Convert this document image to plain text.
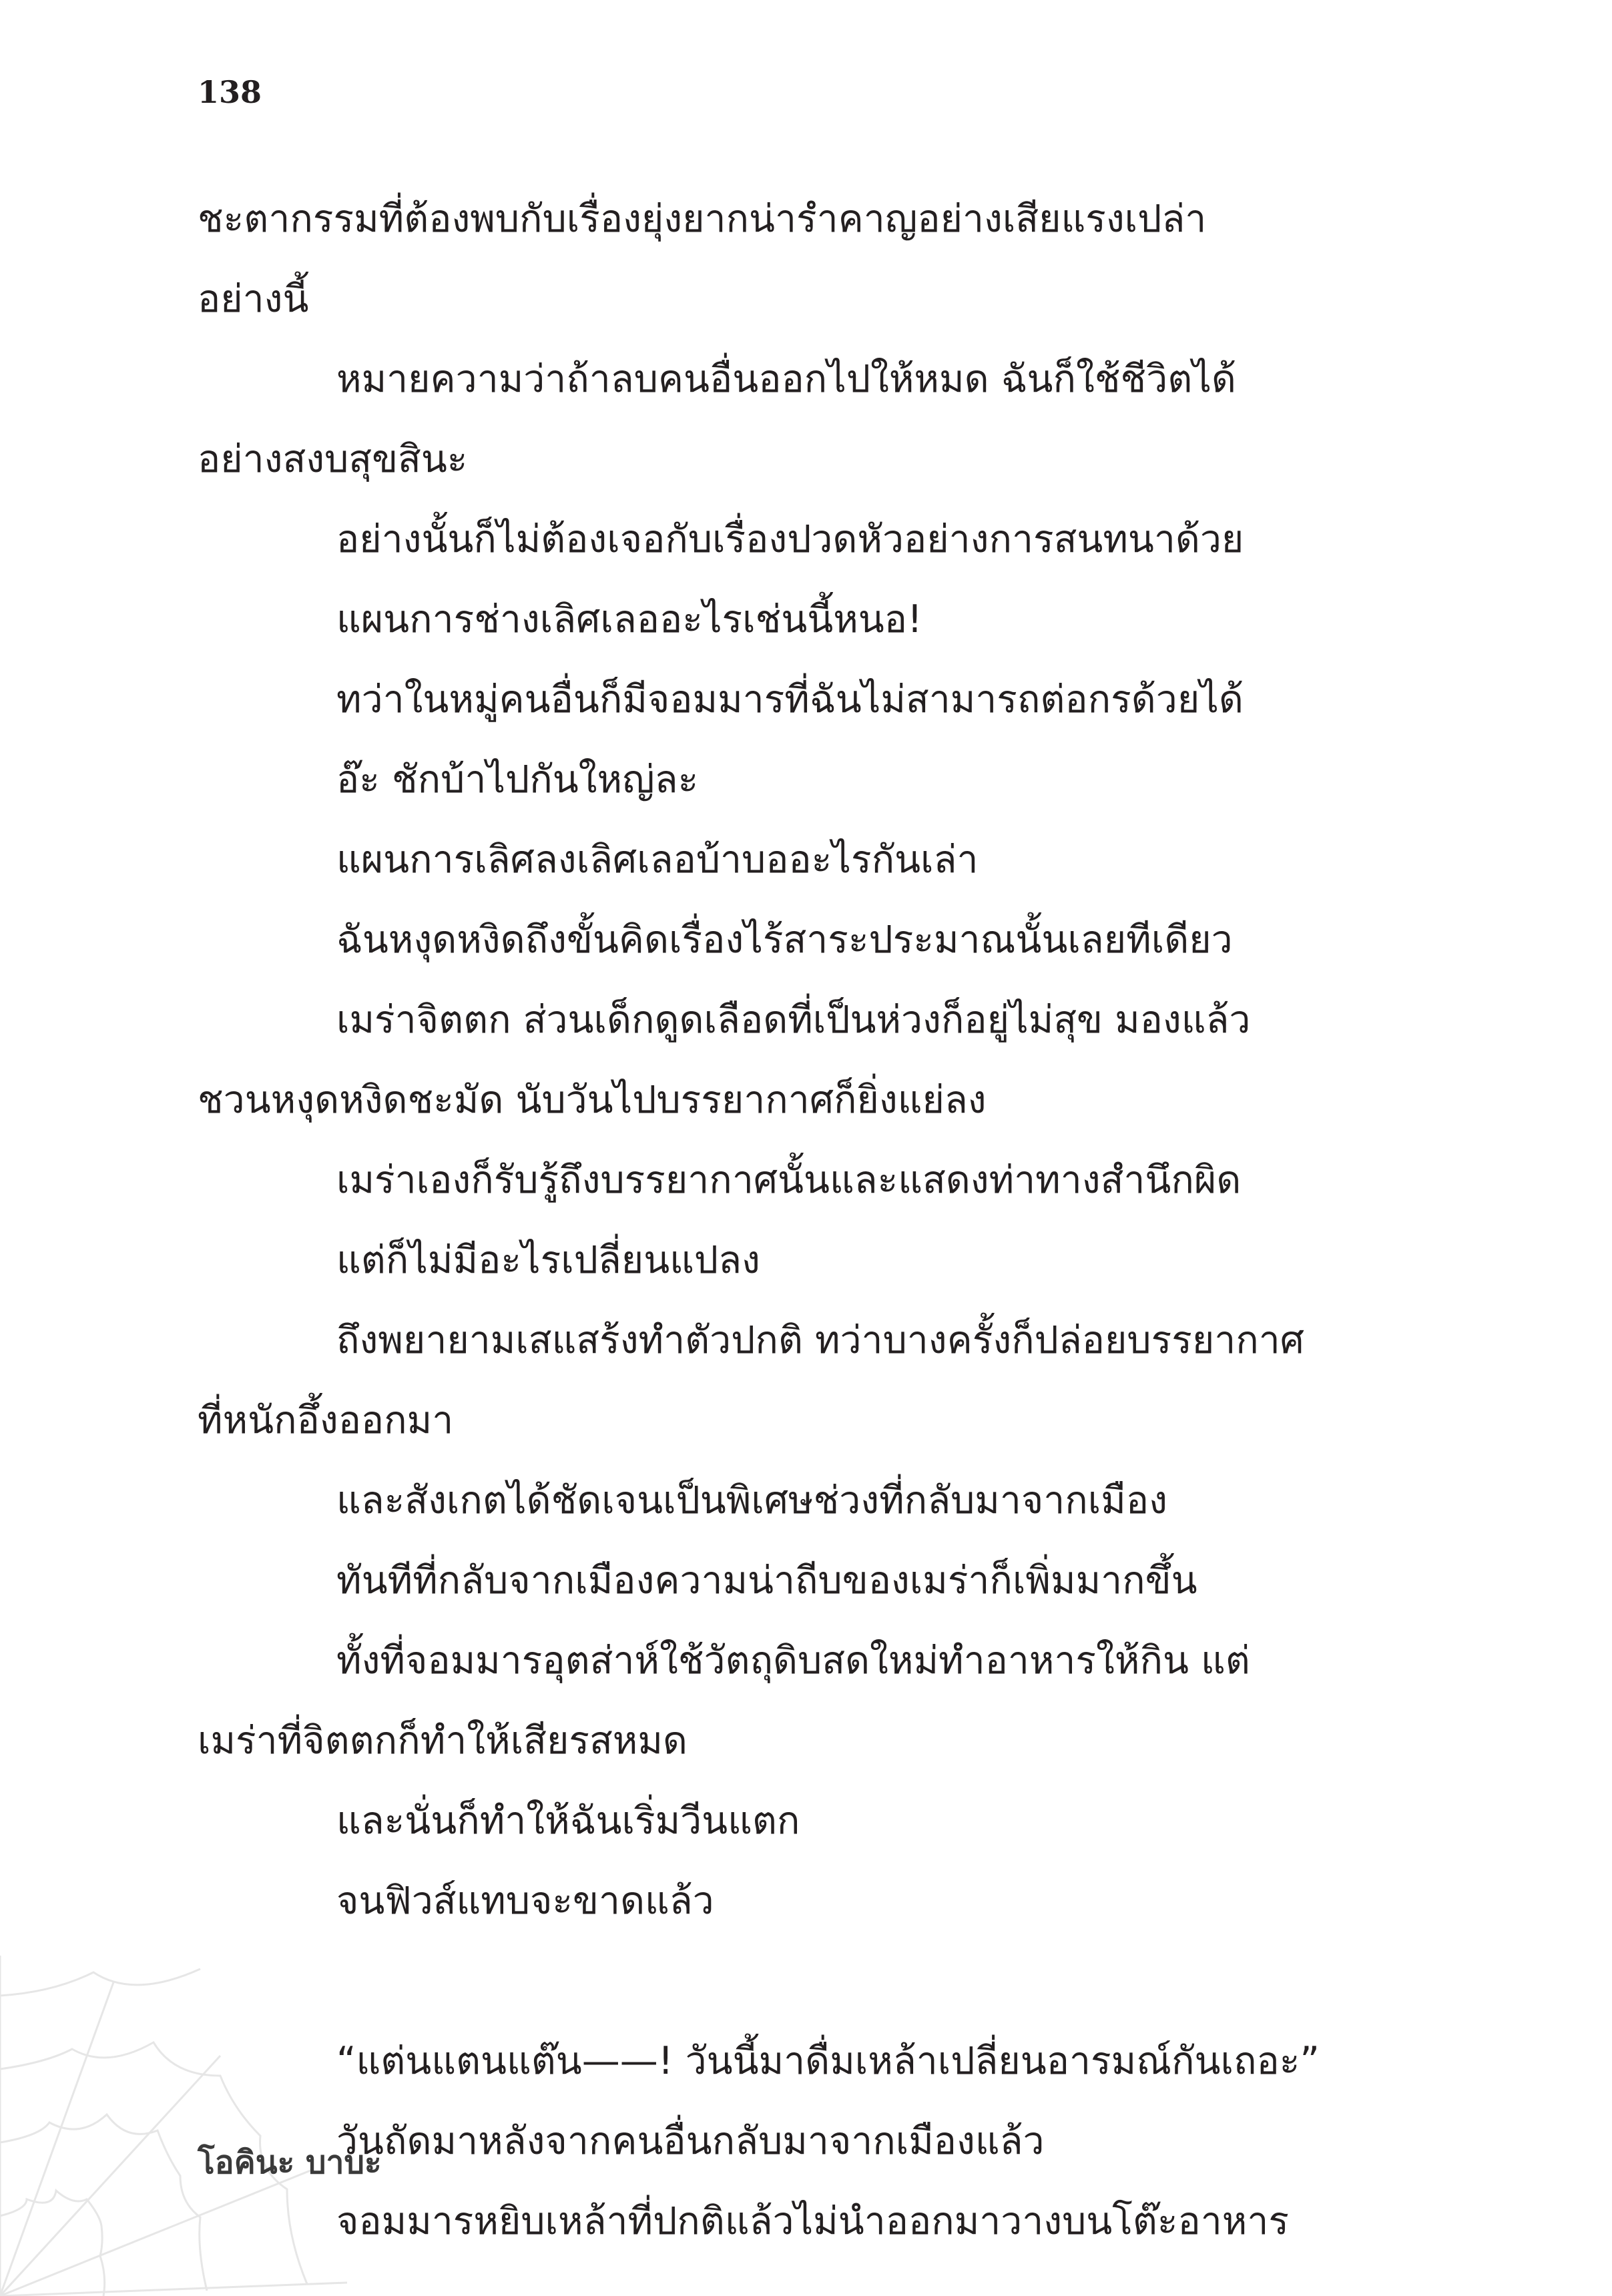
138
ชะตากรรมที่ต้องพบกับเรื่องยุ่งยากน่ารำคาญอย่างเสียแรงเปล่า
อย่างนี้
หมายความว่าถ้าลบคนอื่นออกไปให้หมด ฉันก็ใช้ชีวิตได้
อย่างสงบสุขสินะ
อย่างนั้นก็ไม่ต้องเจอกับเรื่องปวดหัวอย่างการสนทนาด้วย
แผนการช่างเลิศเลออะไรเช่นนี้หนอ!
ทว่าในหมู่คนอื่นก็มีจอมมารที่ฉันไม่สามารถต่อกรด้วยได้
อ๊ะ ชักบ้าไปกันใหญ่ละ
แผนการเลิศลงเลิศเลอบ้าบออะไรกันเล่า
ฉันหงุดหงิดถึงขั้นคิดเรื่องไร้สาระประมาณนั้นเลยทีเดียว
เมร่าจิตตก ส่วนเด็กดูดเลือดที่เป็นห่วงก็อยู่ไม่สุข มองแล้ว
ชวนหงุดหงิดชะมัด นับวันไปบรรยากาศก็ยิ่งแย่ลง
เมร่าเองก็รับรู้ถึงบรรยากาศนั้นและแสดงท่าทางสำนึกผิด
แต่ก็ไม่มีอะไรเปลี่ยนแปลง
ถึงพยายามเสแสร้งทำตัวปกติ ทว่าบางครั้งก็ปล่อยบรรยากาศ
ที่หนักอึ้งออกมา
และสังเกตได้ชัดเจนเป็นพิเศษช่วงที่กลับมาจากเมือง
ทันทีที่กลับจากเมืองความน่าถีบของเมร่าก็เพิ่มมากขึ้น
ทั้งที่จอมมารอุตส่าห์ใช้วัตถุดิบสดใหม่ทำอาหารให้กิน แต่
เมร่าที่จิตตกก็ทำให้เสียรสหมด
และนั่นก็ทำให้ฉันเริ่มวีนแตก
จนฟิวส์แทบจะขาดแล้ว
“แต่นแตนแต๊น——! วันนี้มาดื่มเหล้าเปลี่ยนอารมณ์กันเถอะ”
วันถัดมาหลังจากคนอื่นกลับมาจากเมืองแล้ว
จอมมารหยิบเหล้าที่ปกติแล้วไม่นำออกมาวางบนโต๊ะอาหาร
โอคินะ บาบะ
